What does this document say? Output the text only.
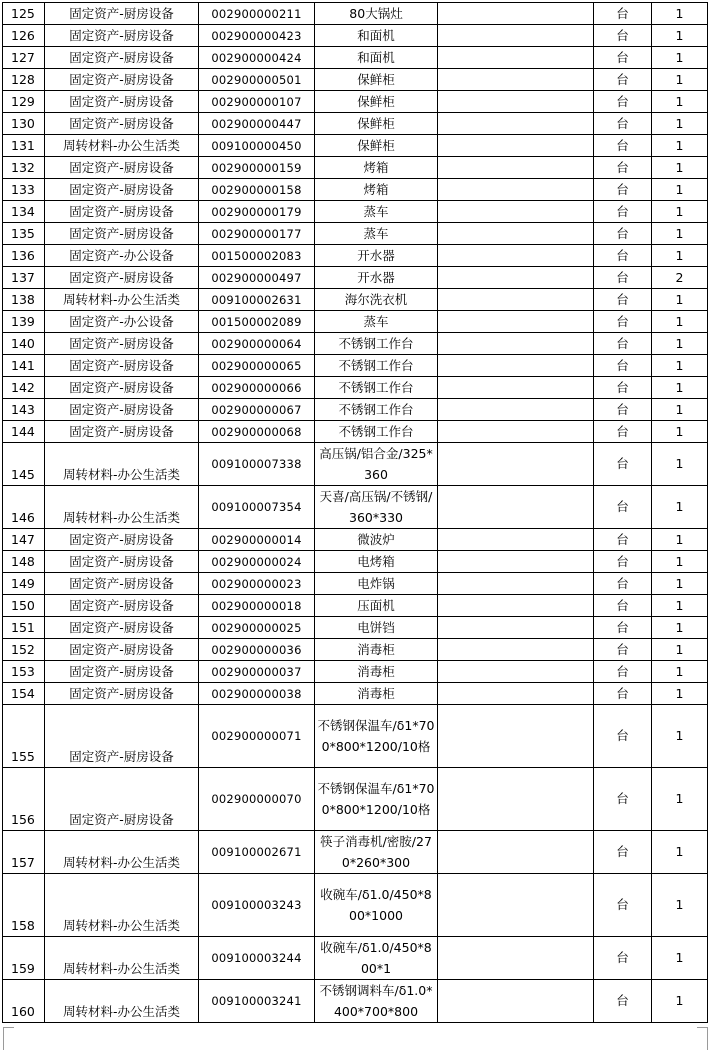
125	固定资产-厨房设备	002900000211	80大锅灶		台	1
126	固定资产-厨房设备	002900000423	和面机		台	1
127	固定资产-厨房设备	002900000424	和面机		台	1
128	固定资产-厨房设备	002900000501	保鲜柜		台	1
129	固定资产-厨房设备	002900000107	保鲜柜		台	1
130	固定资产-厨房设备	002900000447	保鲜柜		台	1
131	周转材料-办公生活类	009100000450	保鲜柜		台	1
132	固定资产-厨房设备	002900000159	烤箱		台	1
133	固定资产-厨房设备	002900000158	烤箱		台	1
134	固定资产-厨房设备	002900000179	蒸车		台	1
135	固定资产-厨房设备	002900000177	蒸车		台	1
136	固定资产-办公设备	001500002083	开水器		台	1
137	固定资产-厨房设备	002900000497	开水器		台	2
138	周转材料-办公生活类	009100002631	海尔洗衣机		台	1
139	固定资产-办公设备	001500002089	蒸车		台	1
140	固定资产-厨房设备	002900000064	不锈钢工作台		台	1
141	固定资产-厨房设备	002900000065	不锈钢工作台		台	1
142	固定资产-厨房设备	002900000066	不锈钢工作台		台	1
143	固定资产-厨房设备	002900000067	不锈钢工作台		台	1
144	固定资产-厨房设备	002900000068	不锈钢工作台		台	1
145	周转材料-办公生活类	009100007338	高压锅/铝合金/325*360		台	1
146	周转材料-办公生活类	009100007354	天喜/高压锅/不锈钢/360*330		台	1
147	固定资产-厨房设备	002900000014	微波炉		台	1
148	固定资产-厨房设备	002900000024	电烤箱		台	1
149	固定资产-厨房设备	002900000023	电炸锅		台	1
150	固定资产-厨房设备	002900000018	压面机		台	1
151	固定资产-厨房设备	002900000025	电饼铛		台	1
152	固定资产-厨房设备	002900000036	消毒柜		台	1
153	固定资产-厨房设备	002900000037	消毒柜		台	1
154	固定资产-厨房设备	002900000038	消毒柜		台	1
155	固定资产-厨房设备	002900000071	不锈钢保温车/δ1*700*800*1200/10格		台	1
156	固定资产-厨房设备	002900000070	不锈钢保温车/δ1*700*800*1200/10格		台	1
157	周转材料-办公生活类	009100002671	筷子消毒机/密胺/270*260*300		台	1
158	周转材料-办公生活类	009100003243	收碗车/δ1.0/450*800*1000		台	1
159	周转材料-办公生活类	009100003244	收碗车/δ1.0/450*800*1		台	1
160	周转材料-办公生活类	009100003241	不锈钢调料车/δ1.0*400*700*800		台	1
